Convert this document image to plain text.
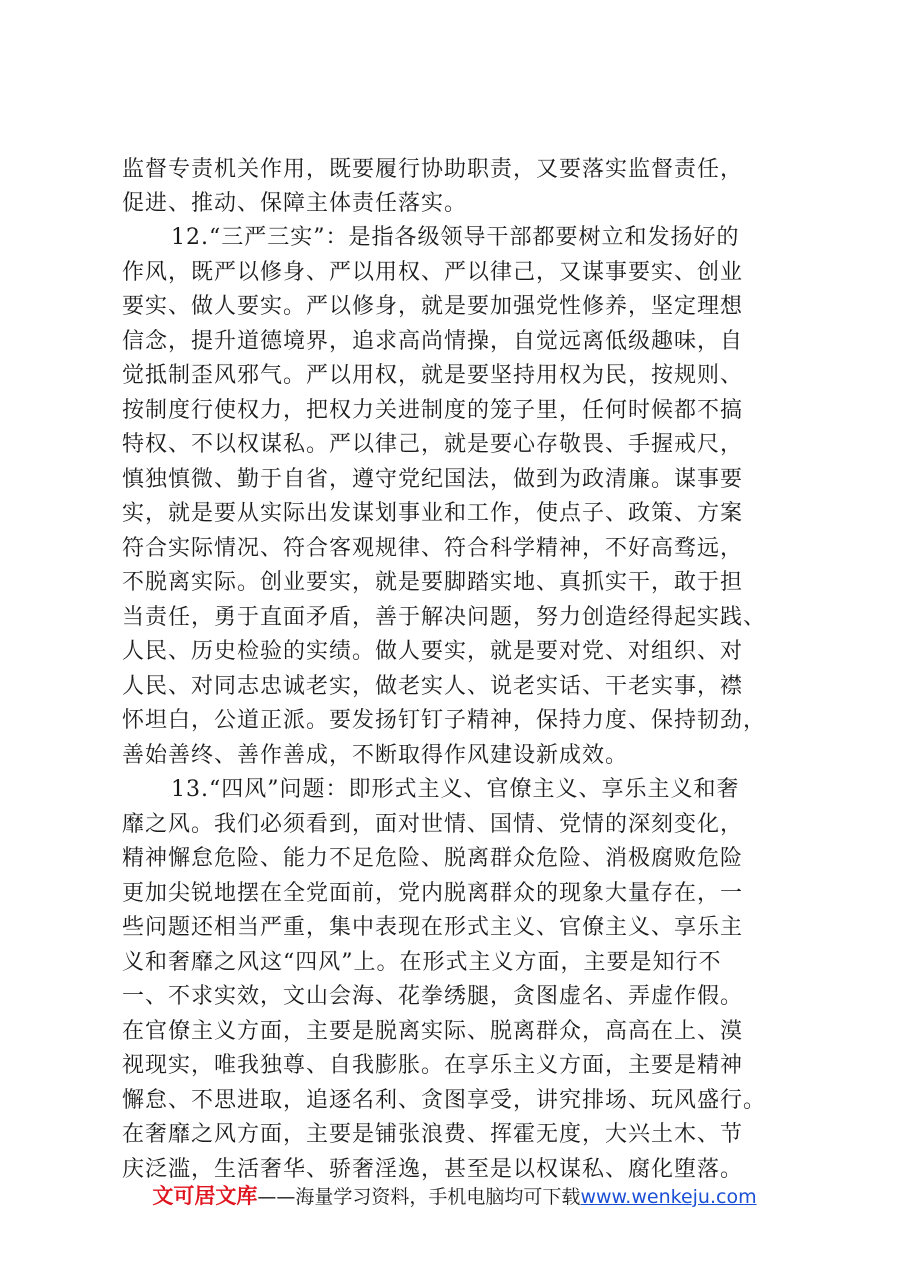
监督专责机关作用，既要履行协助职责，又要落实监督责任，
促进、推动、保障主体责任落实。
12.“三严三实”：是指各级领导干部都要树立和发扬好的
作风，既严以修身、严以用权、严以律己，又谋事要实、创业
要实、做人要实。严以修身，就是要加强党性修养，坚定理想
信念，提升道德境界，追求高尚情操，自觉远离低级趣味，自
觉抵制歪风邪气。严以用权，就是要坚持用权为民，按规则、
按制度行使权力，把权力关进制度的笼子里，任何时候都不搞
特权、不以权谋私。严以律己，就是要心存敬畏、手握戒尺，
慎独慎微、勤于自省，遵守党纪国法，做到为政清廉。谋事要
实，就是要从实际出发谋划事业和工作，使点子、政策、方案
符合实际情况、符合客观规律、符合科学精神，不好高骛远，
不脱离实际。创业要实，就是要脚踏实地、真抓实干，敢于担
当责任，勇于直面矛盾，善于解决问题，努力创造经得起实践、
人民、历史检验的实绩。做人要实，就是要对党、对组织、对
人民、对同志忠诚老实，做老实人、说老实话、干老实事，襟
怀坦白，公道正派。要发扬钉钉子精神，保持力度、保持韧劲，
善始善终、善作善成，不断取得作风建设新成效。
13.“四风”问题：即形式主义、官僚主义、享乐主义和奢
靡之风。我们必须看到，面对世情、国情、党情的深刻变化，
精神懈怠危险、能力不足危险、脱离群众危险、消极腐败危险
更加尖锐地摆在全党面前，党内脱离群众的现象大量存在，一
些问题还相当严重，集中表现在形式主义、官僚主义、享乐主
义和奢靡之风这“四风”上。在形式主义方面，主要是知行不
一、不求实效，文山会海、花拳绣腿，贪图虚名、弄虚作假。
在官僚主义方面，主要是脱离实际、脱离群众，高高在上、漠
视现实，唯我独尊、自我膨胀。在享乐主义方面，主要是精神
懈怠、不思进取，追逐名利、贪图享受，讲究排场、玩风盛行。
在奢靡之风方面，主要是铺张浪费、挥霍无度，大兴土木、节
庆泛滥，生活奢华、骄奢淫逸，甚至是以权谋私、腐化堕落。
文可居文库——海量学习资料，手机电脑均可下载www.wenkeju.com
